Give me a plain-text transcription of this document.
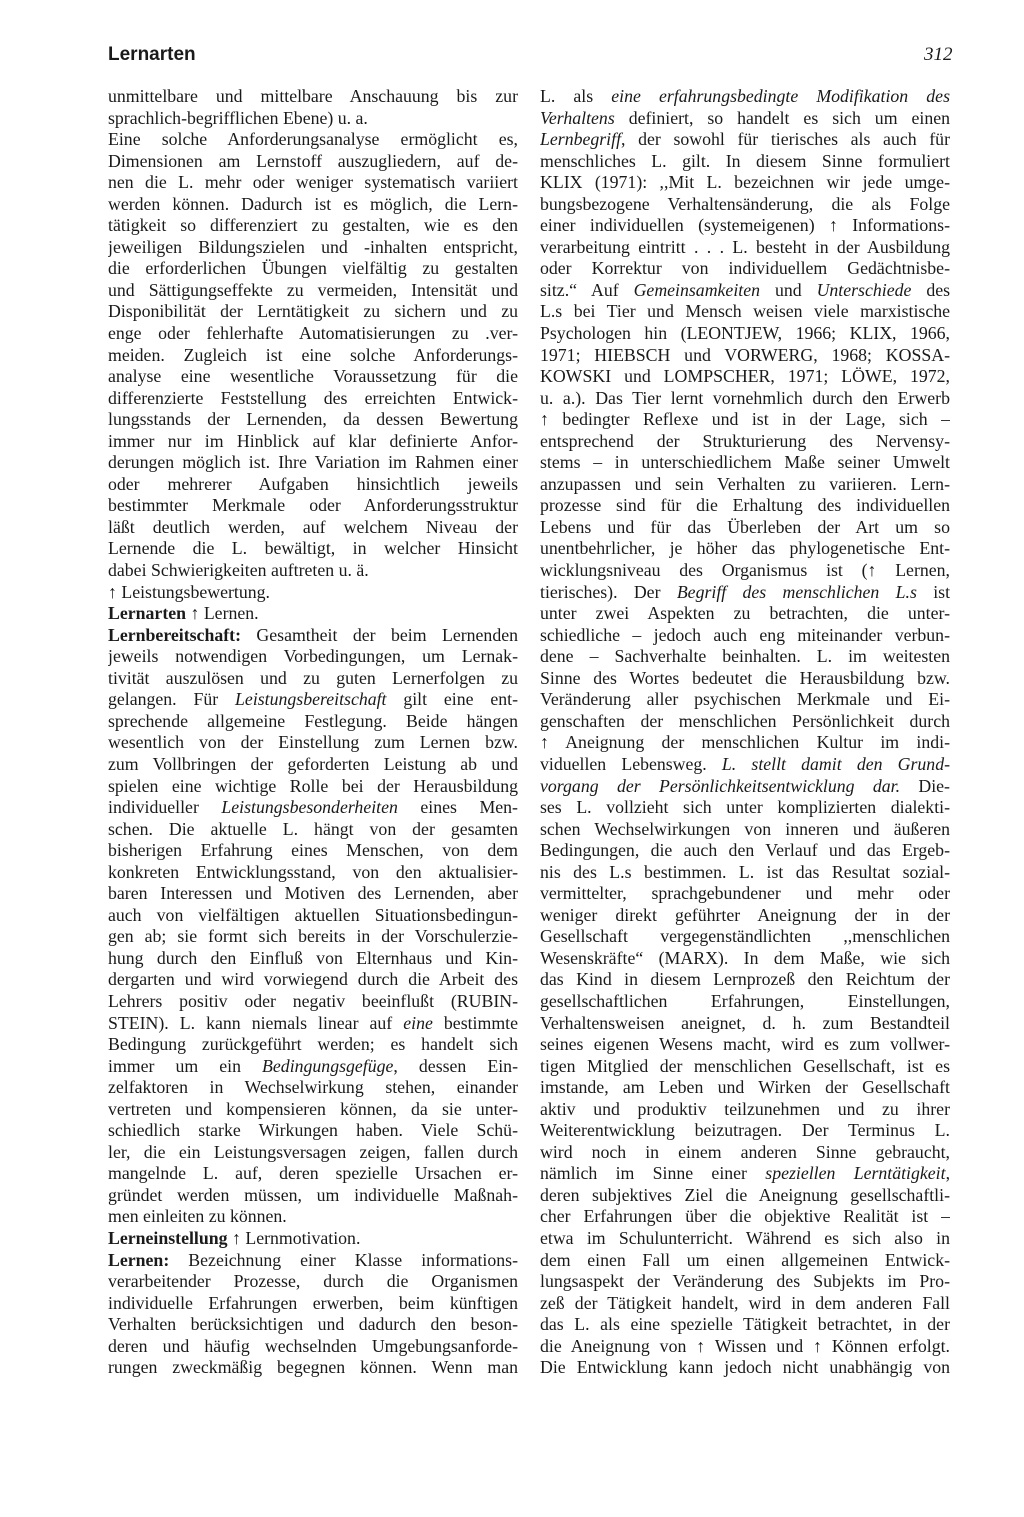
Lernarten	312
unmittelbare und mittelbare Anschauung bis zur
sprachlich-begrifflichen Ebene) u. a.
Eine solche Anforderungsanalyse ermöglicht es,
Dimensionen am Lernstoff auszugliedern, auf de-
nen die L. mehr oder weniger systematisch variiert
werden können. Dadurch ist es möglich, die Lern-
tätigkeit so differenziert zu gestalten, wie es den
jeweiligen Bildungszielen und -inhalten entspricht,
die erforderlichen Übungen vielfältig zu gestalten
und Sättigungseffekte zu vermeiden, Intensität und
Disponibilität der Lerntätigkeit zu sichern und zu
enge oder fehlerhafte Automatisierungen zu .ver-
meiden. Zugleich ist eine solche Anforderungs-
analyse eine wesentliche Voraussetzung für die
differenzierte Feststellung des erreichten Entwick-
lungsstands der Lernenden, da dessen Bewertung
immer nur im Hinblick auf klar definierte Anfor-
derungen möglich ist. Ihre Variation im Rahmen einer
oder mehrerer Aufgaben hinsichtlich jeweils
bestimmter Merkmale oder Anforderungsstruktur
läßt deutlich werden, auf welchem Niveau der
Lernende die L. bewältigt, in welcher Hinsicht
dabei Schwierigkeiten auftreten u. ä.
↑ Leistungsbewertung.
Lernarten ↑ Lernen.
Lernbereitschaft: Gesamtheit der beim Lernenden
jeweils notwendigen Vorbedingungen, um Lernak-
tivität auszulösen und zu guten Lernerfolgen zu
gelangen. Für Leistungsbereitschaft gilt eine ent-
sprechende allgemeine Festlegung. Beide hängen
wesentlich von der Einstellung zum Lernen bzw.
zum Vollbringen der geforderten Leistung ab und
spielen eine wichtige Rolle bei der Herausbildung
individueller Leistungsbesonderheiten eines Men-
schen. Die aktuelle L. hängt von der gesamten
bisherigen Erfahrung eines Menschen, von dem
konkreten Entwicklungsstand, von den aktualisier-
baren Interessen und Motiven des Lernenden, aber
auch von vielfältigen aktuellen Situationsbedingun-
gen ab; sie formt sich bereits in der Vorschulerzie-
hung durch den Einfluß von Elternhaus und Kin-
dergarten und wird vorwiegend durch die Arbeit des
Lehrers positiv oder negativ beeinflußt (RUBIN-
STEIN). L. kann niemals linear auf eine bestimmte
Bedingung zurückgeführt werden; es handelt sich
immer um ein Bedingungsgefüge, dessen Ein-
zelfaktoren in Wechselwirkung stehen, einander
vertreten und kompensieren können, da sie unter-
schiedlich starke Wirkungen haben. Viele Schü-
ler, die ein Leistungsversagen zeigen, fallen durch
mangelnde L. auf, deren spezielle Ursachen er-
gründet werden müssen, um individuelle Maßnah-
men einleiten zu können.
Lerneinstellung ↑ Lernmotivation.
Lernen: Bezeichnung einer Klasse informations-
verarbeitender Prozesse, durch die Organismen
individuelle Erfahrungen erwerben, beim künftigen
Verhalten berücksichtigen und dadurch den beson-
deren und häufig wechselnden Umgebungsanforde-
rungen zweckmäßig begegnen können. Wenn man
L. als eine erfahrungsbedingte Modifikation des
Verhaltens definiert, so handelt es sich um einen
Lernbegriff, der sowohl für tierisches als auch für
menschliches L. gilt. In diesem Sinne formuliert
KLIX (1971): ,,Mit L. bezeichnen wir jede umge-
bungsbezogene Verhaltensänderung, die als Folge
einer individuellen (systemeigenen) ↑ Informations-
verarbeitung eintritt . . . L. besteht in der Ausbildung
oder Korrektur von individuellem Gedächtnisbe-
sitz.“ Auf Gemeinsamkeiten und Unterschiede des
L.s bei Tier und Mensch weisen viele marxistische
Psychologen hin (LEONTJEW, 1966; KLIX, 1966,
1971; HIEBSCH und VORWERG, 1968; KOSSA-
KOWSKI und LOMPSCHER, 1971; LÖWE, 1972,
u. a.). Das Tier lernt vornehmlich durch den Erwerb
↑ bedingter Reflexe und ist in der Lage, sich –
entsprechend der Strukturierung des Nervensy-
stems – in unterschiedlichem Maße seiner Umwelt
anzupassen und sein Verhalten zu variieren. Lern-
prozesse sind für die Erhaltung des individuellen
Lebens und für das Überleben der Art um so
unentbehrlicher, je höher das phylogenetische Ent-
wicklungsniveau des Organismus ist (↑ Lernen,
tierisches). Der Begriff des menschlichen L.s ist
unter zwei Aspekten zu betrachten, die unter-
schiedliche – jedoch auch eng miteinander verbun-
dene – Sachverhalte beinhalten. L. im weitesten
Sinne des Wortes bedeutet die Herausbildung bzw.
Veränderung aller psychischen Merkmale und Ei-
genschaften der menschlichen Persönlichkeit durch
↑ Aneignung der menschlichen Kultur im indi-
viduellen Lebensweg. L. stellt damit den Grund-
vorgang der Persönlichkeitsentwicklung dar. Die-
ses L. vollzieht sich unter komplizierten dialekti-
schen Wechselwirkungen von inneren und äußeren
Bedingungen, die auch den Verlauf und das Ergeb-
nis des L.s bestimmen. L. ist das Resultat sozial-
vermittelter, sprachgebundener und mehr oder
weniger direkt geführter Aneignung der in der
Gesellschaft vergegenständlichten ,,menschlichen
Wesenskräfte“ (MARX). In dem Maße, wie sich
das Kind in diesem Lernprozeß den Reichtum der
gesellschaftlichen Erfahrungen, Einstellungen,
Verhaltensweisen aneignet, d. h. zum Bestandteil
seines eigenen Wesens macht, wird es zum vollwer-
tigen Mitglied der menschlichen Gesellschaft, ist es
imstande, am Leben und Wirken der Gesellschaft
aktiv und produktiv teilzunehmen und zu ihrer
Weiterentwicklung beizutragen. Der Terminus L.
wird noch in einem anderen Sinne gebraucht,
nämlich im Sinne einer speziellen Lerntätigkeit,
deren subjektives Ziel die Aneignung gesellschaftli-
cher Erfahrungen über die objektive Realität ist –
etwa im Schulunterricht. Während es sich also in
dem einen Fall um einen allgemeinen Entwick-
lungsaspekt der Veränderung des Subjekts im Pro-
zeß der Tätigkeit handelt, wird in dem anderen Fall
das L. als eine spezielle Tätigkeit betrachtet, in der
die Aneignung von ↑ Wissen und ↑ Können erfolgt.
Die Entwicklung kann jedoch nicht unabhängig von
